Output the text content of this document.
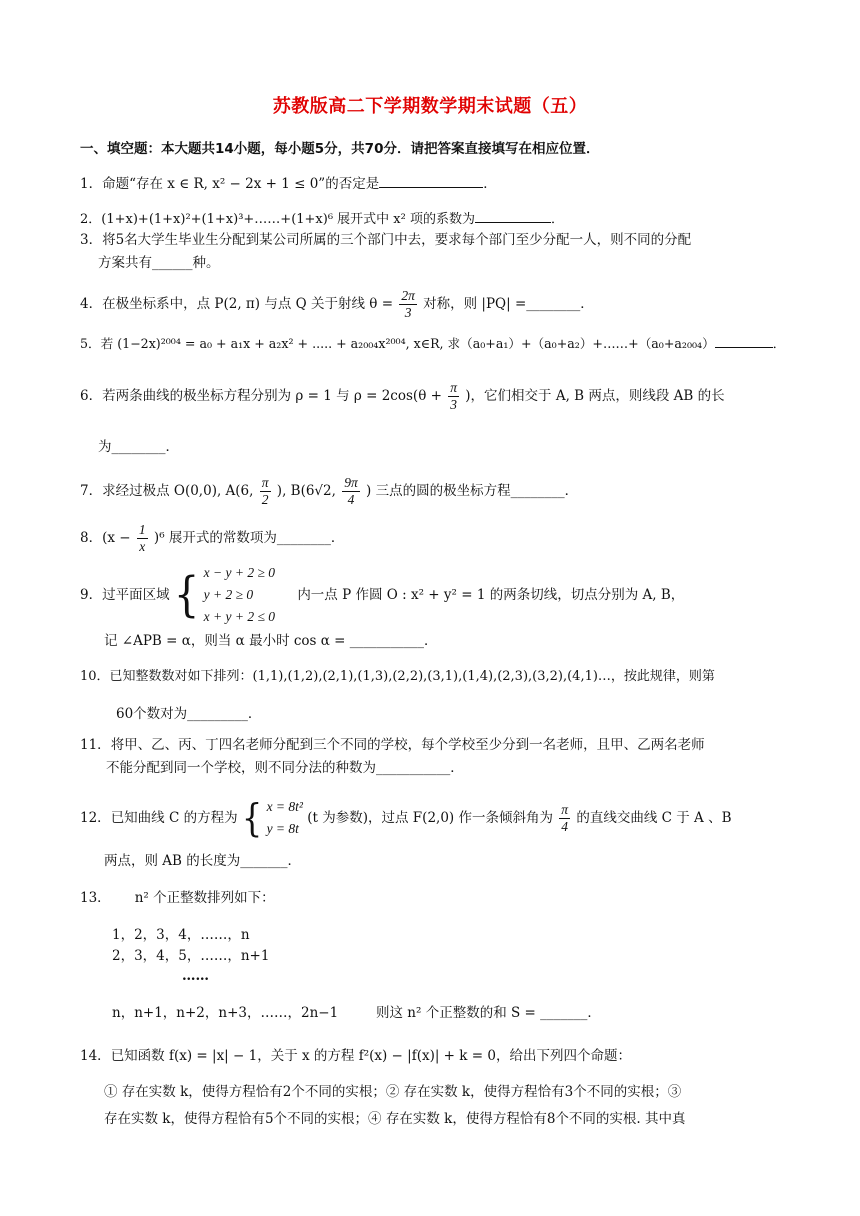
苏教版高二下学期数学期末试题（五）
一、填空题：本大题共14小题，每小题5分，共70分．请把答案直接填写在相应位置．
1．命题“存在 x ∈ R, x² − 2x + 1 ≤ 0”的否定是	．
2．(1+x)+(1+x)²+(1+x)³+……+(1+x)⁶ 展开式中 x² 项的系数为	．
3．将5名大学生毕业生分配到某公司所属的三个部门中去，要求每个部门至少分配一人，则不同的分配
方案共有______种。
4．在极坐标系中，点 P(2, π) 与点 Q 关于射线 $\theta = \frac{2\pi}{3}$ 对称，则 |PQ| =________．
5．若 (1−2x)²⁰⁰⁴ = a₀ + a₁x + a₂x² + ..... + a₂₀₀₄x²⁰⁰⁴, x∈R, 求（a₀+a₁）+（a₀+a₂）+……+（a₀+a₂₀₀₄）	．
6．若两条曲线的极坐标方程分别为 ρ = 1 与 $\rho = 2\cos(\theta + \frac{\pi}{3}$ )，它们相交于 A, B 两点，则线段 AB 的长
为________．
7．求经过极点 O(0,0), A(6, $\frac{\pi}{2}$ ), B(6√2, $\frac{9\pi}{4}$ ) 三点的圆的极坐标方程________．
8．$(x - \frac{1}{x} )^6$ 展开式的常数项为________．
9．过平面区域 { x − y + 2 ≥ 0
y + 2 ≥ 0
x + y + 2 ≤ 0
内一点 P 作圆 O : x² + y² = 1 的两条切线，切点分别为 A, B，
记 ∠APB = α，则当 α 最小时 cos α = ___________．
10．已知整数数对如下排列：(1,1),(1,2),(2,1),(1,3),(2,2),(3,1),(1,4),(2,3),(3,2),(4,1)…，按此规律，则第
60个数对为_________．
11．将甲、乙、丙、丁四名老师分配到三个不同的学校，每个学校至少分到一名老师，且甲、乙两名老师
不能分配到同一个学校，则不同分法的种数为___________．
12．已知曲线 C 的方程为 { x = 8t²
y = 8t
(t 为参数)，过点 F(2,0) 作一条倾斜角为 $\frac{\pi}{4}$ 的直线交曲线 C 于 A 、B
两点，则 AB 的长度为_______．
13． n² 个正整数排列如下：
1，2，3，4，……，n
2，3，4，5，……，n+1
……
n，n+1，n+2，n+3，……，2n−1	则这 n² 个正整数的和 S = _______．
14．已知函数 f(x) = |x| − 1，关于 x 的方程 f²(x) − |f(x)| + k = 0，给出下列四个命题：
① 存在实数 k，使得方程恰有2个不同的实根；② 存在实数 k，使得方程恰有3个不同的实根；③
存在实数 k，使得方程恰有5个不同的实根；④ 存在实数 k，使得方程恰有8个不同的实根. 其中真
